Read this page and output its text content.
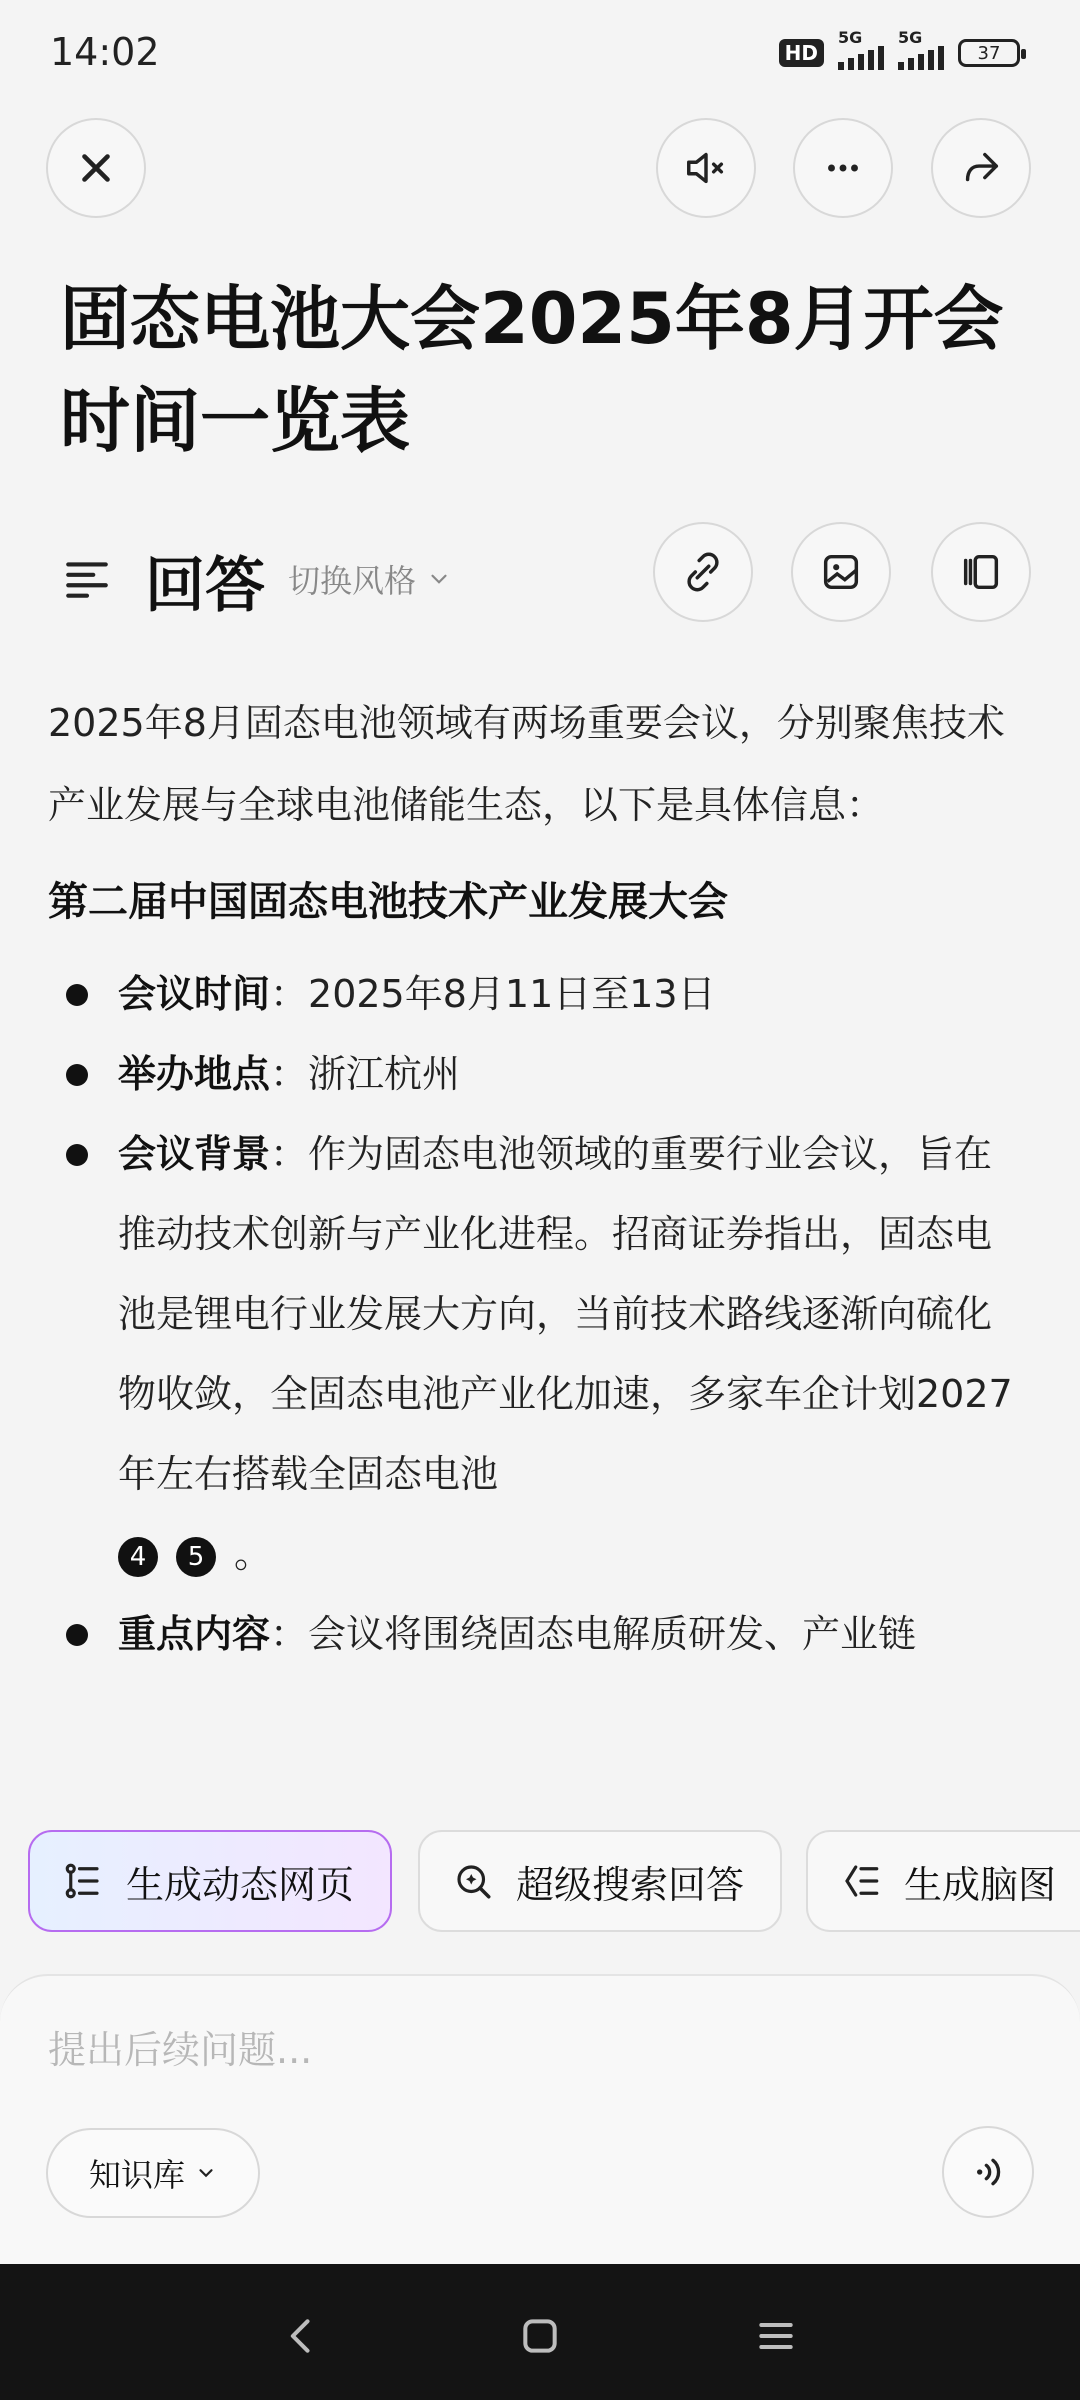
14:02	HD
5G 5G
37
固态电池大会2025年8月开会时间一览表
回答 切换风格

2025年8月固态电池领域有两场重要会议，分别聚焦技术产业发展与全球电池储能生态，以下是具体信息：

第二届中国固态电池技术产业发展大会
会议时间：2025年8月11日至13日
举办地点：浙江杭州
会议背景：作为固态电池领域的重要行业会议，旨在推动技术创新与产业化进程。招商证券指出，固态电池是锂电行业发展大方向，当前技术路线逐渐向硫化物收敛，全固态电池产业化加速，多家车企计划2027年左右搭载全固态电池
4 5 。
重点内容：会议将围绕固态电解质研发、产业链
生成动态网页	超级搜索回答	生成脑图
提出后续问题...
知识库
